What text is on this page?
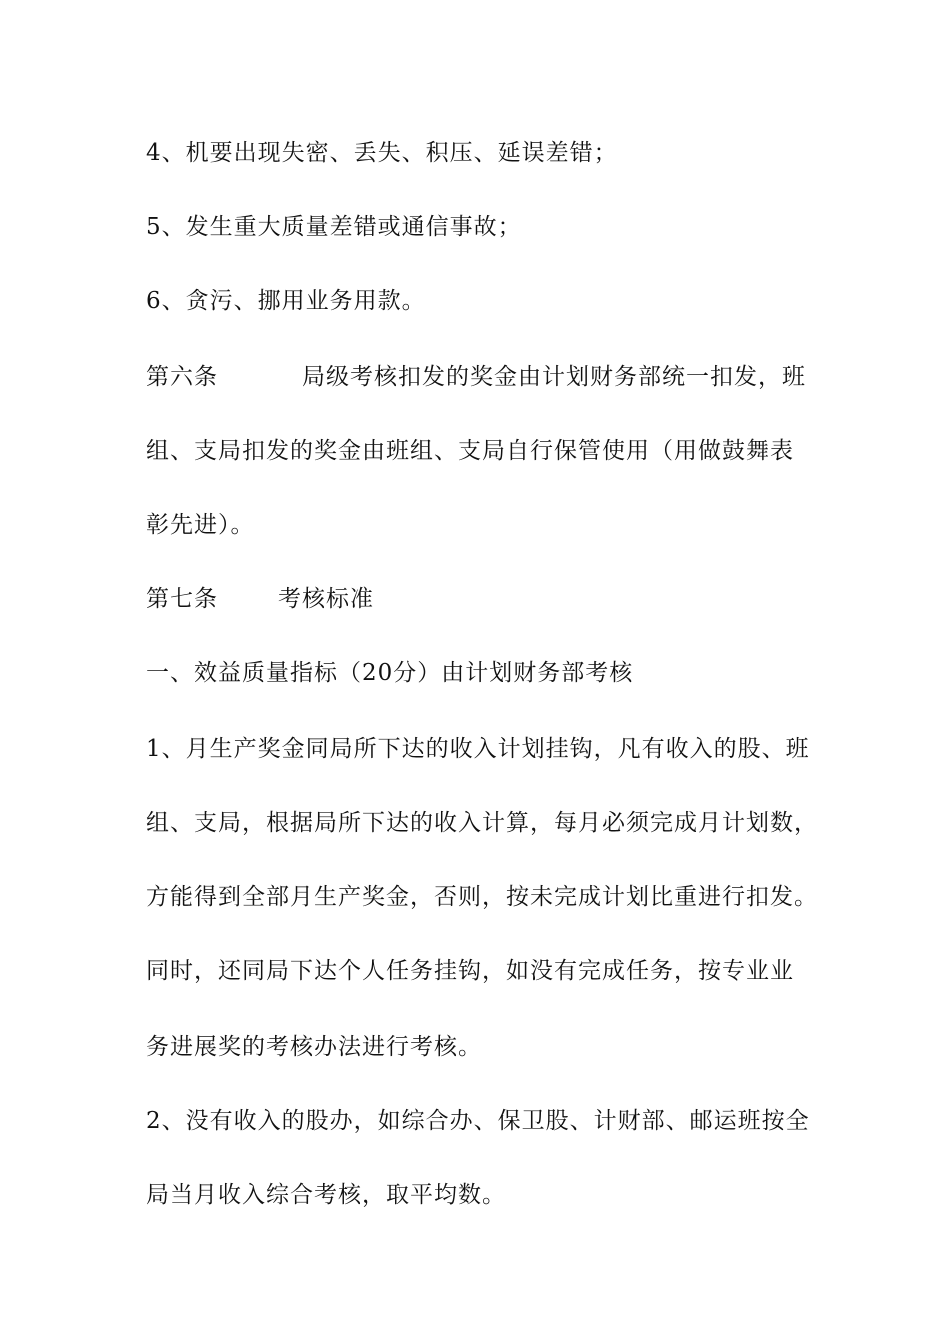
4、机要出现失密、丢失、积压、延误差错；
5、发生重大质量差错或通信事故；
6、贪污、挪用业务用款。
第六条	局级考核扣发的奖金由计划财务部统一扣发，班
组、支局扣发的奖金由班组、支局自行保管使用（用做鼓舞表
彰先进）。
第七条	考核标准
一、效益质量指标（20分）由计划财务部考核
1、月生产奖金同局所下达的收入计划挂钩，凡有收入的股、班
组、支局，根据局所下达的收入计算，每月必须完成月计划数，
方能得到全部月生产奖金，否则，按未完成计划比重进行扣发。
同时，还同局下达个人任务挂钩，如没有完成任务，按专业业
务进展奖的考核办法进行考核。
2、没有收入的股办，如综合办、保卫股、计财部、邮运班按全
局当月收入综合考核，取平均数。
